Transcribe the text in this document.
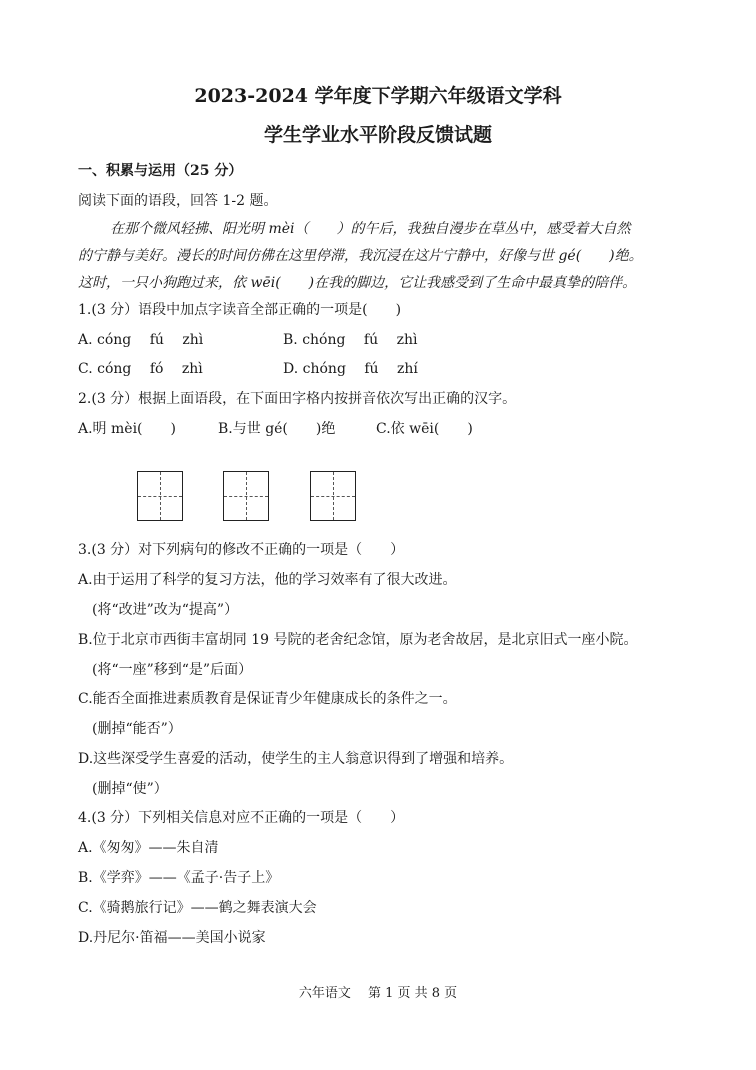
2023-2024 学年度下学期六年级语文学科
学生学业水平阶段反馈试题
一、积累与运用（25 分）
阅读下面的语段，回答 1-2 题。
在那个微风轻拂、阳光明 mèi（　　）的午后，我独自漫步在草丛中，感受着大自然
的宁静与美好。漫长的时间仿佛在这里停滞，我沉浸在这片宁静中，好像与世 gé(　　)绝。
这时，一只小狗跑过来，依 wēi(　　)在我的脚边，它让我感受到了生命中最真挚的陪伴。
1.(3 分）语段中加点字读音全部正确的一项是(　　)
A. cóng　 fú　 zhì	B. chóng　 fú　 zhì
C. cóng　 fó　 zhì	D. chóng　 fú　 zhí
2.(3 分）根据上面语段，在下面田字格内按拼音依次写出正确的汉字。
A.明 mèi(　　)	B.与世 gé(　　)绝	C.依 wēi(　　)
3.(3 分）对下列病句的修改不正确的一项是（　　）
A.由于运用了科学的复习方法，他的学习效率有了很大改进。
(将“改进”改为“提高”）
B.位于北京市西街丰富胡同 19 号院的老舍纪念馆，原为老舍故居，是北京旧式一座小院。
(将“一座”移到“是”后面）
C.能否全面推进素质教育是保证青少年健康成长的条件之一。
(删掉“能否”）
D.这些深受学生喜爱的活动，使学生的主人翁意识得到了增强和培养。
(删掉“使”）
4.(3 分）下列相关信息对应不正确的一项是（　　）
A.《匆匆》——朱自清
B.《学弈》——《孟子·告子上》
C.《骑鹅旅行记》——鹤之舞表演大会
D.丹尼尔·笛福——美国小说家
六年语文　 第 1 页 共 8 页
